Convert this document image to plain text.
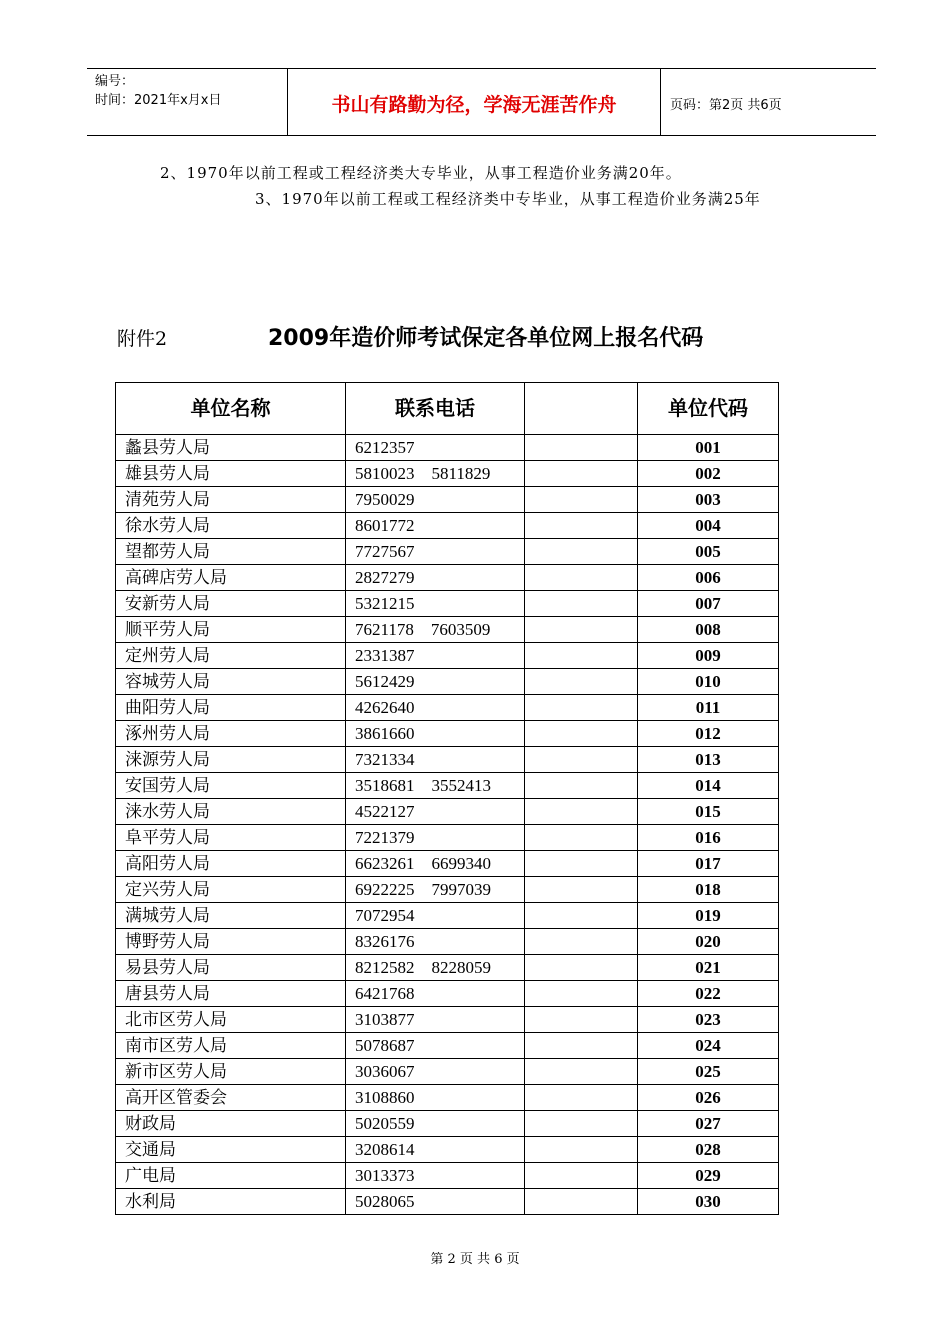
编号：
时间：2021年x月x日	书山有路勤为径，学海无涯苦作舟	页码：第2页 共6页
2、1970年以前工程或工程经济类大专毕业，从事工程造价业务满20年。
3、1970年以前工程或工程经济类中专毕业，从事工程造价业务满25年
附件2	2009年造价师考试保定各单位网上报名代码
单位名称	联系电话		单位代码
蠡县劳人局	6212357		001
雄县劳人局	5810023　5811829		002
清苑劳人局	7950029		003
徐水劳人局	8601772		004
望都劳人局	7727567		005
高碑店劳人局	2827279		006
安新劳人局	5321215		007
顺平劳人局	7621178　7603509		008
定州劳人局	2331387		009
容城劳人局	5612429		010
曲阳劳人局	4262640		011
涿州劳人局	3861660		012
涞源劳人局	7321334		013
安国劳人局	3518681　3552413		014
涞水劳人局	4522127		015
阜平劳人局	7221379		016
高阳劳人局	6623261　6699340		017
定兴劳人局	6922225　7997039		018
满城劳人局	7072954		019
博野劳人局	8326176		020
易县劳人局	8212582　8228059		021
唐县劳人局	6421768		022
北市区劳人局	3103877		023
南市区劳人局	5078687		024
新市区劳人局	3036067		025
高开区管委会	3108860		026
财政局	5020559		027
交通局	3208614		028
广电局	3013373		029
水利局	5028065		030
第 2 页 共 6 页
